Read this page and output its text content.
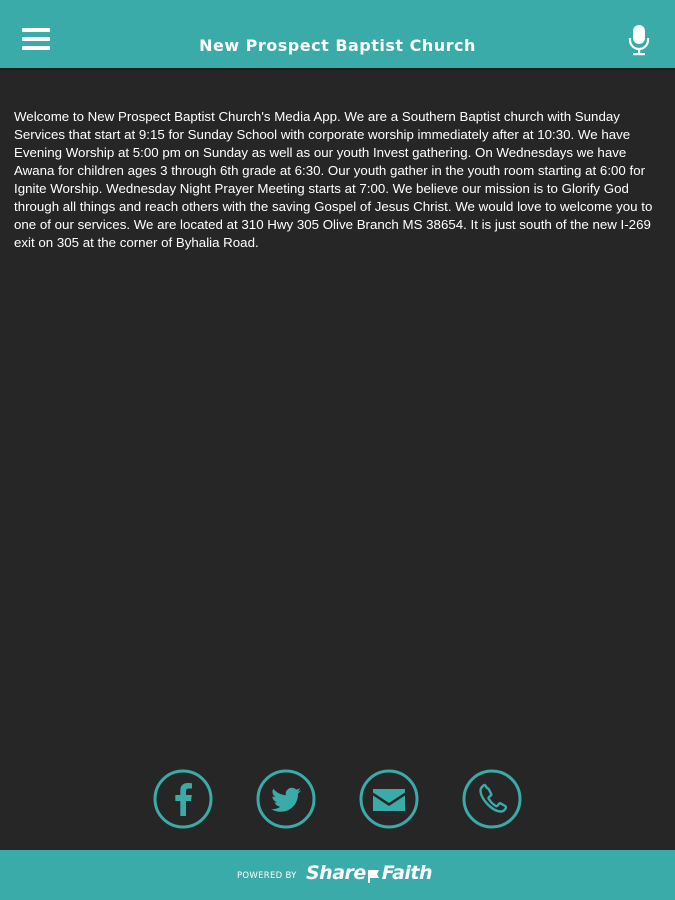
New Prospect Baptist Church
Welcome to New Prospect Baptist Church's Media App. We are a Southern Baptist church with Sunday Services that start at 9:15 for Sunday School with corporate worship immediately after at 10:30. We have Evening Worship at 5:00 pm on Sunday as well as our youth Invest gathering. On Wednesdays we have Awana for children ages 3 through 6th grade at 6:30. Our youth gather in the youth room starting at 6:00 for Ignite Worship. Wednesday Night Prayer Meeting starts at 7:00. We believe our mission is to Glorify God through all things and reach others with the saving Gospel of Jesus Christ. We would love to welcome you to one of our services. We are located at 310 Hwy 305 Olive Branch MS 38654. It is just south of the new I-269 exit on 305 at the corner of Byhalia Road.
POWERED BY Share Faith
